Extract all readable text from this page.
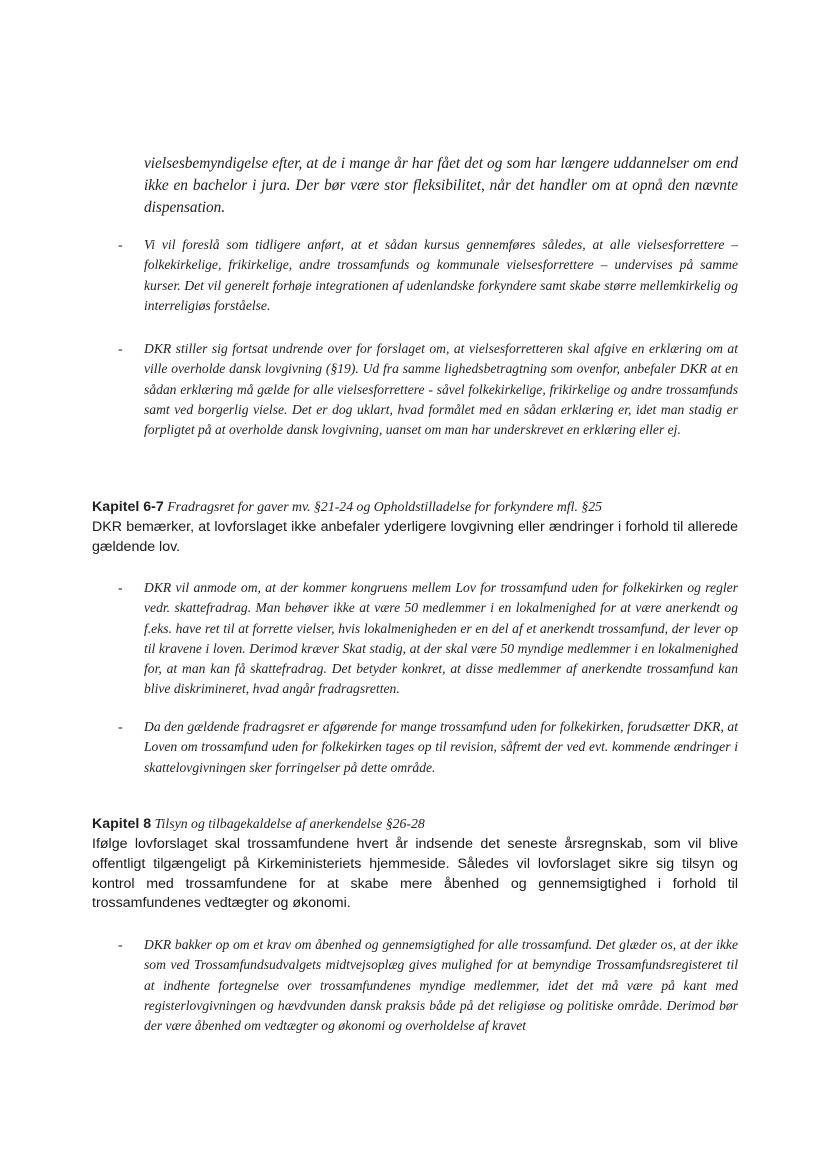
vielsesbemyndigelse efter, at de i mange år har fået det og som har længere uddannelser om end ikke en bachelor i jura. Der bør være stor fleksibilitet, når det handler om at opnå den nævnte dispensation.

- Vi vil foreslå som tidligere anført, at et sådan kursus gennemføres således, at alle vielsesforrettere – folkekirkelige, frikirkelige, andre trossamfunds og kommunale vielsesforrettere – undervises på samme kurser. Det vil generelt forhøje integrationen af udenlandske forkyndere samt skabe større mellemkirkelig og interreligiøs forståelse.
- DKR stiller sig fortsat undrende over for forslaget om, at vielsesforretteren skal afgive en erklæring om at ville overholde dansk lovgivning (§19). Ud fra samme lighedsbetragtning som ovenfor, anbefaler DKR at en sådan erklæring må gælde for alle vielsesforrettere - såvel folkekirkelige, frikirkelige og andre trossamfunds samt ved borgerlig vielse. Det er dog uklart, hvad formålet med en sådan erklæring er, idet man stadig er forpligtet på at overholde dansk lovgivning, uanset om man har underskrevet en erklæring eller ej.

Kapitel 6-7 Fradragsret for gaver mv. §21-24 og Opholdstilladelse for forkyndere mfl. §25

DKR bemærker, at lovforslaget ikke anbefaler yderligere lovgivning eller ændringer i forhold til allerede gældende lov.

- DKR vil anmode om, at der kommer kongruens mellem Lov for trossamfund uden for folkekirken og regler vedr. skattefradrag. Man behøver ikke at være 50 medlemmer i en lokalmenighed for at være anerkendt og f.eks. have ret til at forrette vielser, hvis lokalmenigheden er en del af et anerkendt trossamfund, der lever op til kravene i loven. Derimod kræver Skat stadig, at der skal være 50 myndige medlemmer i en lokalmenighed for, at man kan få skattefradrag. Det betyder konkret, at disse medlemmer af anerkendte trossamfund kan blive diskrimineret, hvad angår fradragsretten.
- Da den gældende fradragsret er afgørende for mange trossamfund uden for folkekirken, forudsætter DKR, at Loven om trossamfund uden for folkekirken tages op til revision, såfremt der ved evt. kommende ændringer i skattelovgivningen sker forringelser på dette område.

Kapitel 8 Tilsyn og tilbagekaldelse af anerkendelse §26-28

Ifølge lovforslaget skal trossamfundene hvert år indsende det seneste årsregnskab, som vil blive offentligt tilgængeligt på Kirkeministeriets hjemmeside. Således vil lovforslaget sikre sig tilsyn og kontrol med trossamfundene for at skabe mere åbenhed og gennemsigtighed i forhold til trossamfundenes vedtægter og økonomi.

- DKR bakker op om et krav om åbenhed og gennemsigtighed for alle trossamfund. Det glæder os, at der ikke som ved Trossamfundsudvalgets midtvejsoplæg gives mulighed for at bemyndige Trossamfundsregisteret til at indhente fortegnelse over trossamfundenes myndige medlemmer, idet det må være på kant med registerlovgivningen og hævdvunden dansk praksis både på det religiøse og politiske område. Derimod bør der være åbenhed om vedtægter og økonomi og overholdelse af kravet
